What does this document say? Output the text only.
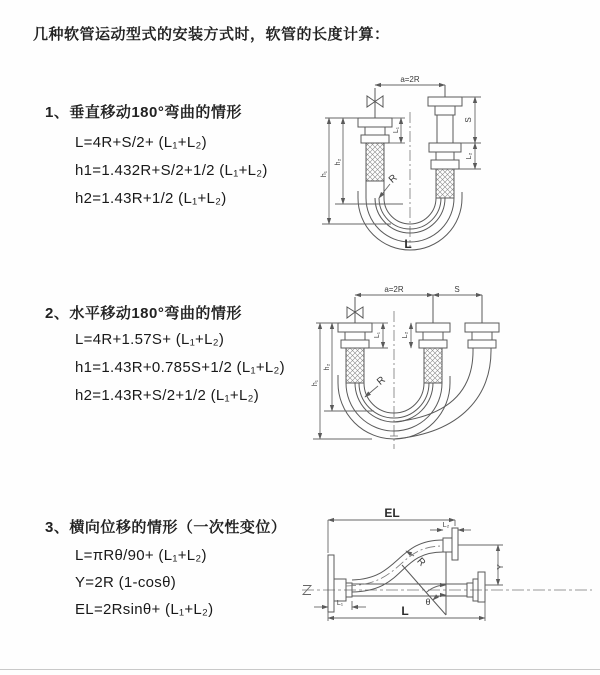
几种软管运动型式的安装方式时，软管的长度计算：
1、垂直移动180°弯曲的情形
L=4R+S/2+ (L₁+L₂)
h1=1.432R+S/2+1/2 (L₁+L₂)
h2=1.43R+1/2 (L₁+L₂)
2、水平移动180°弯曲的情形
L=4R+1.57S+ (L₁+L₂)
h1=1.43R+0.785S+1/2 (L₁+L₂)
h2=1.43R+S/2+1/2 (L₁+L₂)
3、横向位移的情形（一次性变位）
L=πRθ/90+ (L₁+L₂)
Y=2R (1-cosθ)
EL=2Rsinθ+ (L₁+L₂)
a=2R
S
L₂
L₁
h₂
h₁	R
L
a=2R	S
L₁	L₂
h₂
h₁	R
EL
L₂
Y
R
θ
L
L₁
